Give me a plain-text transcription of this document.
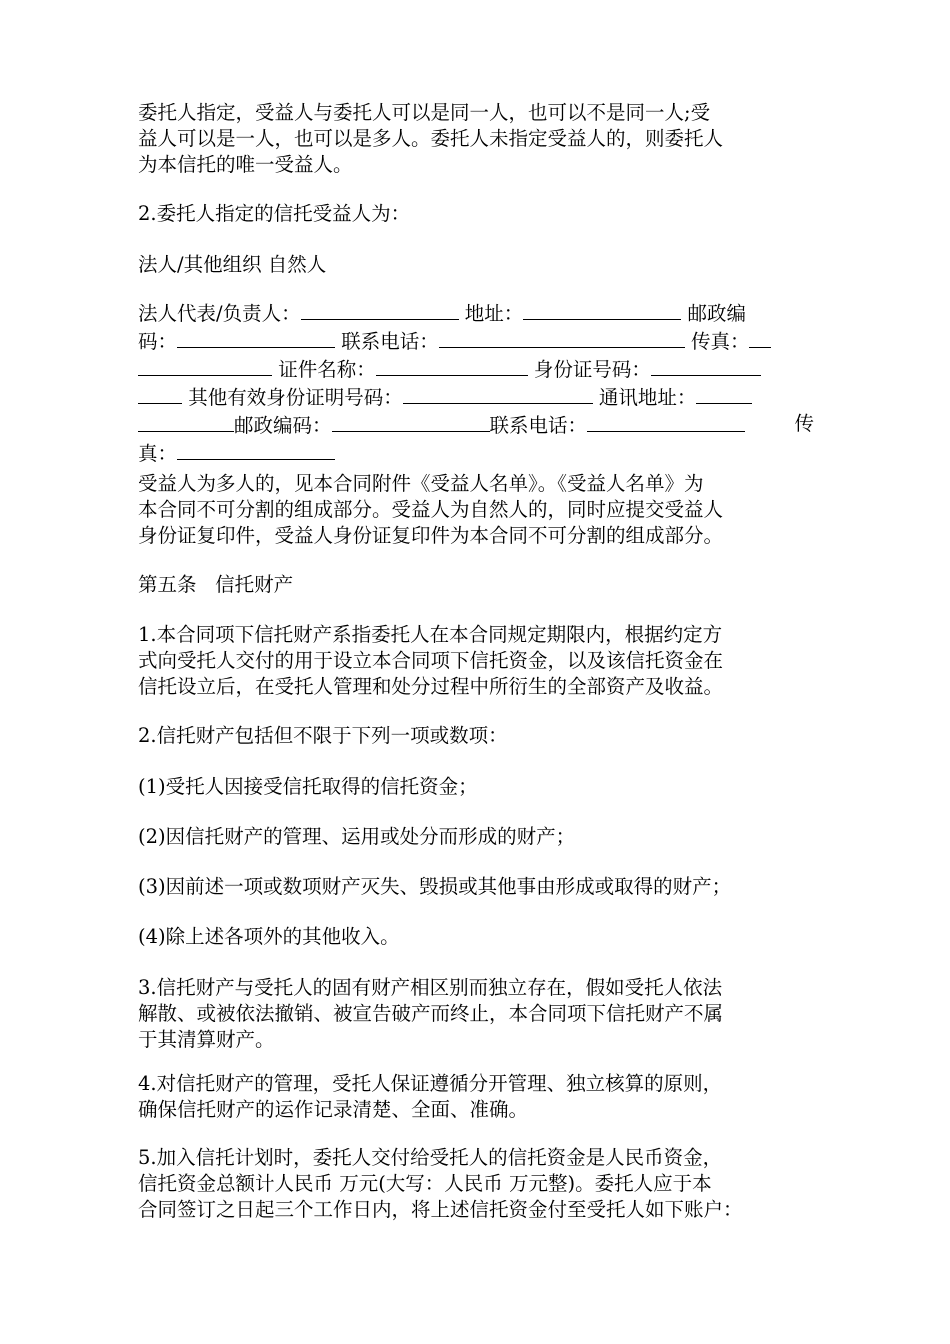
委托人指定，受益人与委托人可以是同一人，也可以不是同一人;受
益人可以是一人，也可以是多人。委托人未指定受益人的，则委托人
为本信托的唯一受益人。
2.委托人指定的信托受益人为：
法人/其他组织 自然人
法人代表/负责人：	地址：	邮政编
码：	联系电话：	传真：
证件名称：	身份证号码：
其他有效身份证明号码：	通讯地址：
邮政编码：	联系电话：	传
真：
受益人为多人的，见本合同附件《受益人名单》。《受益人名单》为
本合同不可分割的组成部分。受益人为自然人的，同时应提交受益人
身份证复印件，受益人身份证复印件为本合同不可分割的组成部分。
第五条   信托财产
1.本合同项下信托财产系指委托人在本合同规定期限内，根据约定方
式向受托人交付的用于设立本合同项下信托资金，以及该信托资金在
信托设立后，在受托人管理和处分过程中所衍生的全部资产及收益。
2.信托财产包括但不限于下列一项或数项：
(1)受托人因接受信托取得的信托资金；
(2)因信托财产的管理、运用或处分而形成的财产；
(3)因前述一项或数项财产灭失、毁损或其他事由形成或取得的财产；
(4)除上述各项外的其他收入。
3.信托财产与受托人的固有财产相区别而独立存在，假如受托人依法
解散、或被依法撤销、被宣告破产而终止，本合同项下信托财产不属
于其清算财产。
4.对信托财产的管理，受托人保证遵循分开管理、独立核算的原则，
确保信托财产的运作记录清楚、全面、准确。
5.加入信托计划时，委托人交付给受托人的信托资金是人民币资金，
信托资金总额计人民币 万元(大写：人民币 万元整)。委托人应于本
合同签订之日起三个工作日内，将上述信托资金付至受托人如下账户：
